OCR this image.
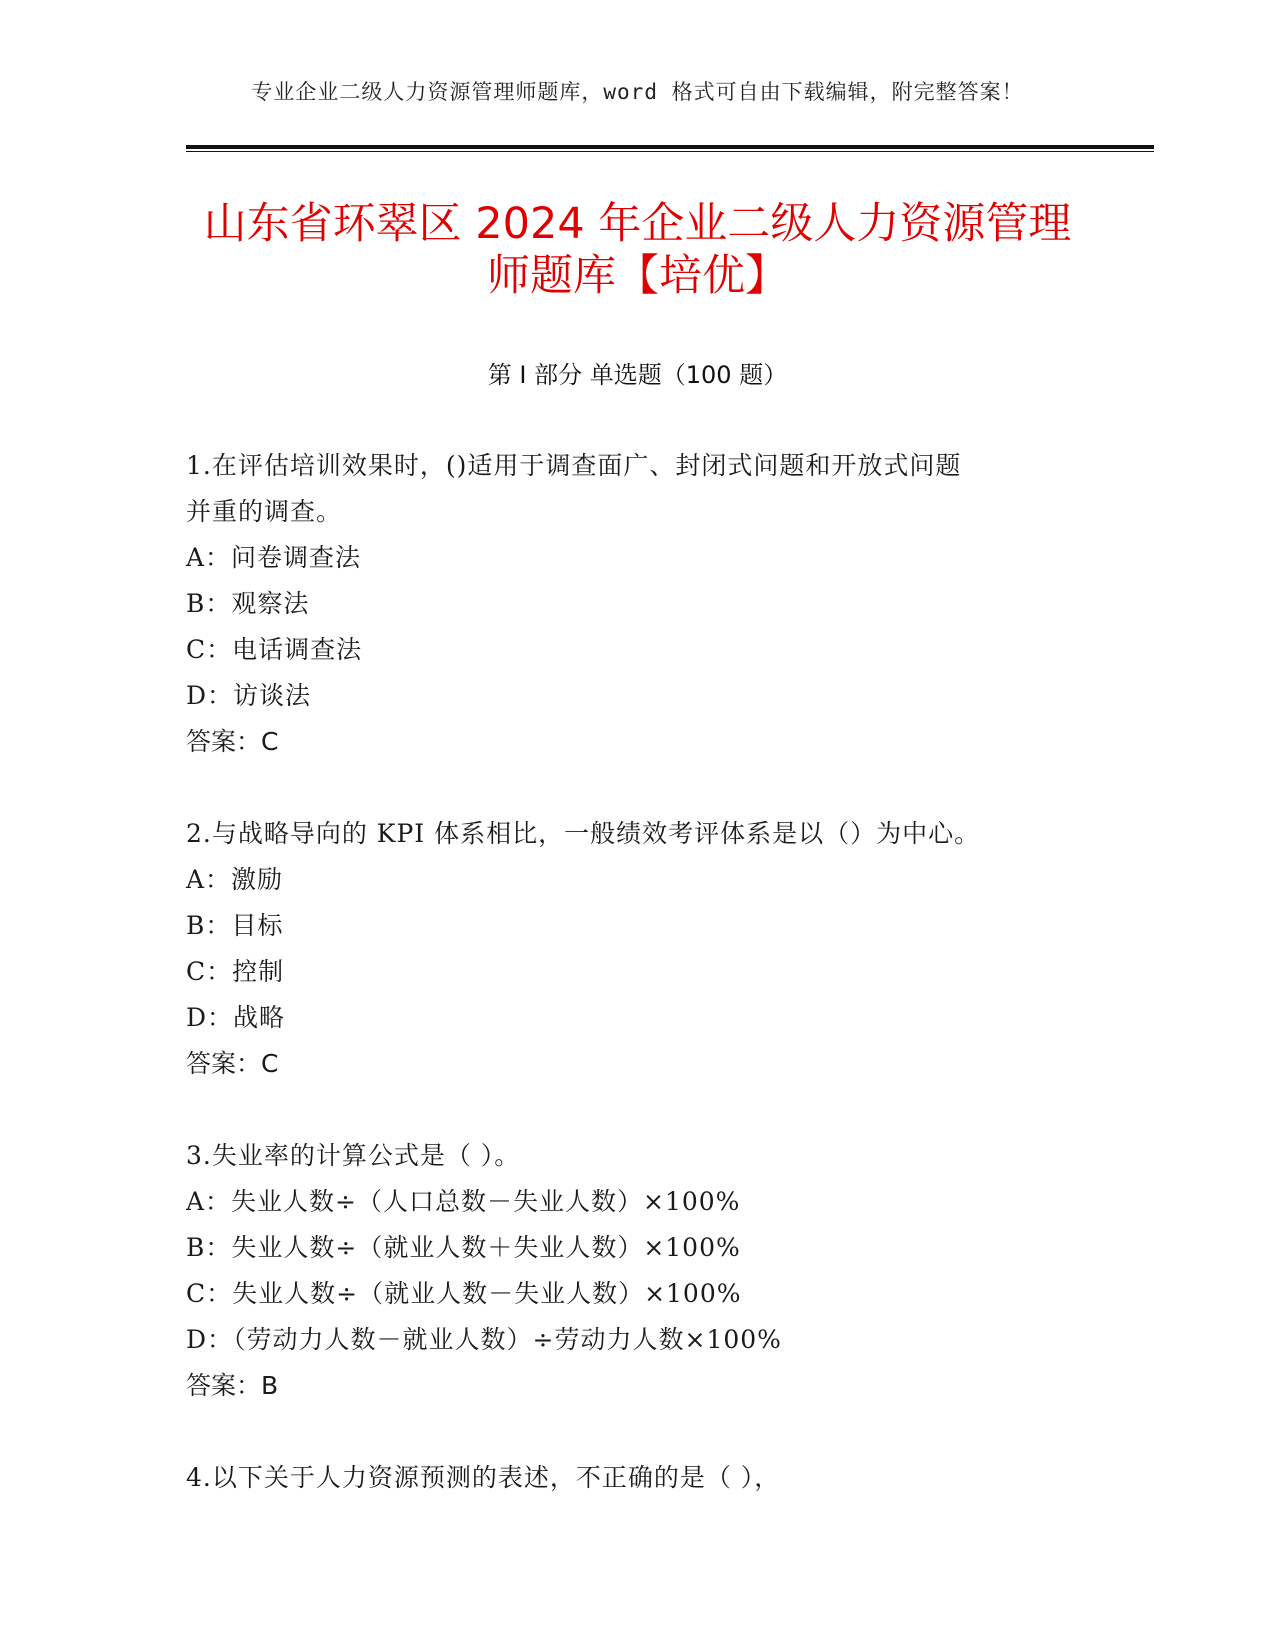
专业企业二级人力资源管理师题库，word 格式可自由下载编辑，附完整答案！
山东省环翠区 2024 年企业二级人力资源管理
师题库【培优】
第 I 部分 单选题（100 题）

1.在评估培训效果时，()适用于调查面广、封闭式问题和开放式问题

并重的调查。

A：问卷调查法

B：观察法

C：电话调查法

D：访谈法

答案：C

2.与战略导向的 KPI 体系相比，一般绩效考评体系是以（）为中心。

A：激励

B：目标

C：控制

D：战略

答案：C

3.失业率的计算公式是（ ）。

A：失业人数÷（人口总数－失业人数）×100%

B：失业人数÷（就业人数＋失业人数）×100%

C：失业人数÷（就业人数－失业人数）×100%

D：（劳动力人数－就业人数）÷劳动力人数×100%

答案：B

4.以下关于人力资源预测的表述，不正确的是（ ），
